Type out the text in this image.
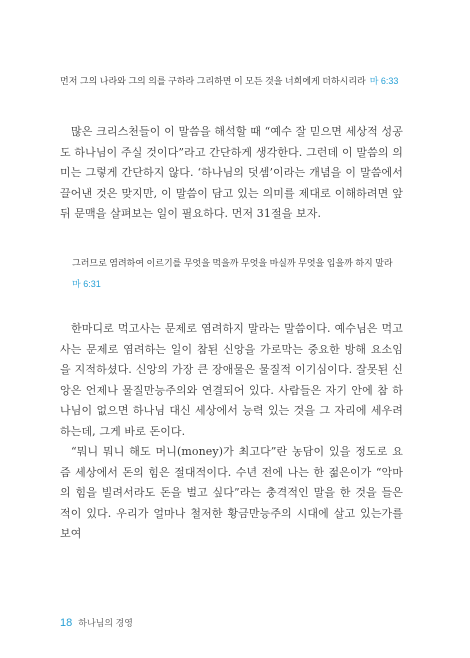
먼저 그의 나라와 그의 의를 구하라 그리하면 이 모든 것을 너희에게 더하시리라 마 6:33

많은 크리스천들이 이 말씀을 해석할 때 “예수 잘 믿으면 세상적 성공도 하나님이 주실 것이다”라고 간단하게 생각한다. 그런데 이 말씀의 의미는 그렇게 간단하지 않다. ‘하나님의 덧셈’이라는 개념을 이 말씀에서 끌어낸 것은 맞지만, 이 말씀이 담고 있는 의미를 제대로 이해하려면 앞뒤 문맥을 살펴보는 일이 필요하다. 먼저 31절을 보자.

그러므로 염려하여 이르기를 무엇을 먹을까 무엇을 마실까 무엇을 입을까 하지 말라
마 6:31

한마디로 먹고사는 문제로 염려하지 말라는 말씀이다. 예수님은 먹고사는 문제로 염려하는 일이 참된 신앙을 가로막는 중요한 방해 요소임을 지적하셨다. 신앙의 가장 큰 장애물은 물질적 이기심이다. 잘못된 신앙은 언제나 물질만능주의와 연결되어 있다. 사람들은 자기 안에 참 하나님이 없으면 하나님 대신 세상에서 능력 있는 것을 그 자리에 세우려 하는데, 그게 바로 돈이다.

“뭐니 뭐니 해도 머니(money)가 최고다”란 농담이 있을 정도로 요즘 세상에서 돈의 힘은 절대적이다. 수년 전에 나는 한 젊은이가 “악마의 힘을 빌려서라도 돈을 벌고 싶다”라는 충격적인 말을 한 것을 들은 적이 있다. 우리가 얼마나 철저한 황금만능주의 시대에 살고 있는가를 보여

18 하나님의 경영
